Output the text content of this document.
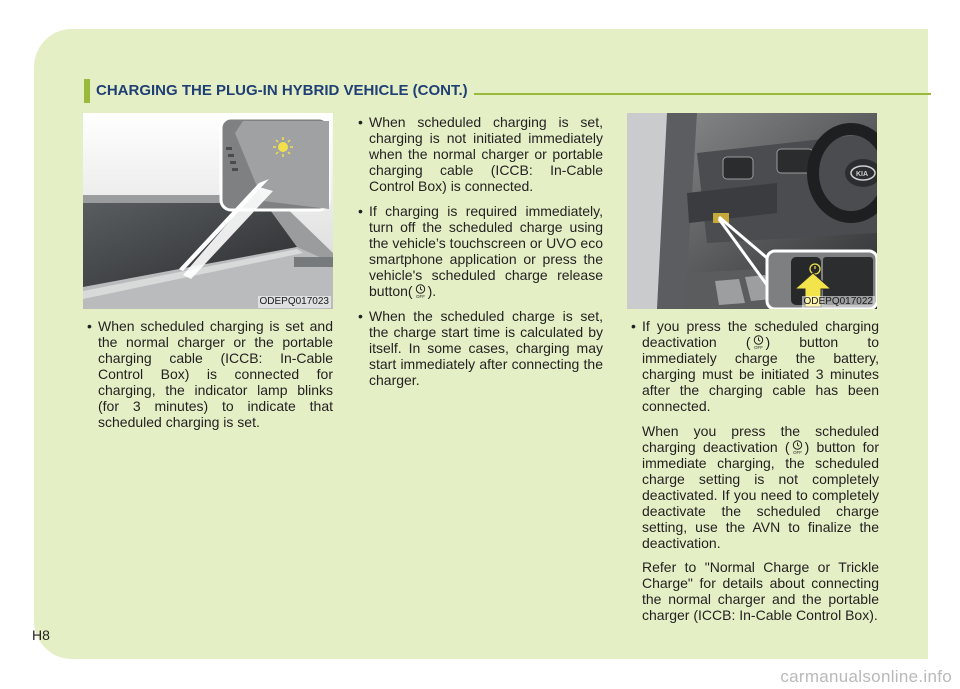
CHARGING THE PLUG-IN HYBRID VEHICLE (CONT.)
ODEPQ017023
KIA
ODEPQ017022

• When scheduled charging is set and the normal charger or the portable charging cable (ICCB: In-Cable Control Box) is connected for charging, the indicator lamp blinks (for 3 minutes) to indicate that scheduled charging is set.

• When scheduled charging is set, charging is not initiated immediately when the normal charger or portable charging cable (ICCB: In-Cable Control Box) is connected.

• If charging is required immediately, turn off the scheduled charge using the vehicle’s touchscreen or UVO eco smartphone application or press the vehicle's scheduled charge release button( OFF ).

• When the scheduled charge is set, the charge start time is calculated by itself. In some cases, charging may start immediately after connecting the charger.

• If you press the scheduled charging deactivation ( OFF ) button to immediately charge the battery, charging must be initiated 3 minutes after the charging cable has been connected.

When you press the scheduled charging deactivation ( OFF ) button for immediate charging, the scheduled charge setting is not completely deactivated. If you need to completely deactivate the scheduled charge setting, use the AVN to finalize the deactivation.

Refer to "Normal Charge or Trickle Charge" for details about connecting the normal charger and the portable charger (ICCB: In-Cable Control Box).

H8
carmanualsonline.info
